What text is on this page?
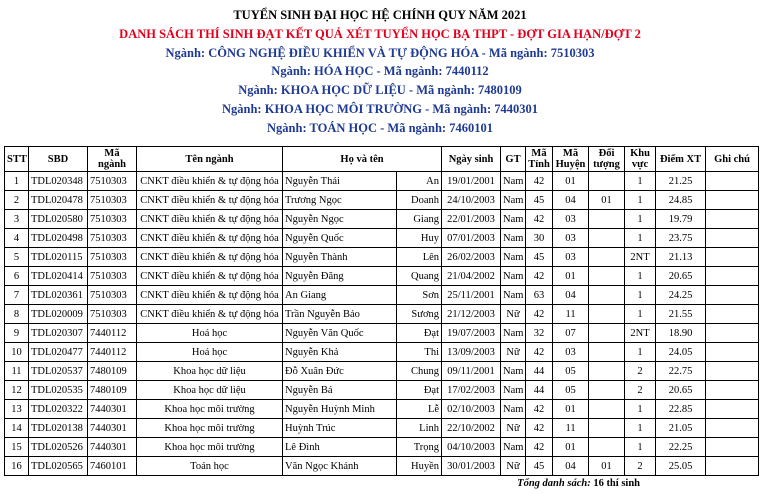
TUYỂN SINH ĐẠI HỌC HỆ CHÍNH QUY NĂM 2021
DANH SÁCH THÍ SINH ĐẠT KẾT QUẢ XÉT TUYỂN HỌC BẠ THPT - ĐỢT GIA HẠN/ĐỢT 2
Ngành: CÔNG NGHỆ ĐIỀU KHIỂN VÀ TỰ ĐỘNG HÓA - Mã ngành: 7510303
Ngành: HÓA HỌC - Mã ngành: 7440112
Ngành: KHOA HỌC DỮ LIỆU - Mã ngành: 7480109
Ngành: KHOA HỌC MÔI TRƯỜNG - Mã ngành: 7440301
Ngành: TOÁN HỌC - Mã ngành: 7460101
STT	SBD	Mã ngành	Tên ngành	Họ và tên		Ngày sinh	GT	Mã Tỉnh	Mã Huyện	Đối tượng	Khu vực	Điểm XT	Ghi chú
1	TDL020348	7510303	CNKT điều khiển & tự động hóa	Nguyễn Thái	An	19/01/2001	Nam	42	01		1	21.25	
2	TDL020478	7510303	CNKT điều khiển & tự động hóa	Trương Ngọc	Doanh	24/10/2003	Nam	45	04	01	1	24.85	
3	TDL020580	7510303	CNKT điều khiển & tự động hóa	Nguyễn Ngọc	Giang	22/01/2003	Nam	42	03		1	19.79	
4	TDL020498	7510303	CNKT điều khiển & tự động hóa	Nguyễn Quốc	Huy	07/01/2003	Nam	30	03		1	23.75	
5	TDL020115	7510303	CNKT điều khiển & tự động hóa	Nguyễn Thành	Lên	26/02/2003	Nam	45	03		2NT	21.13	
6	TDL020414	7510303	CNKT điều khiển & tự động hóa	Nguyễn Đăng	Quang	21/04/2002	Nam	42	01		1	20.65	
7	TDL020361	7510303	CNKT điều khiển & tự động hóa	An Giang	Sơn	25/11/2001	Nam	63	04		1	24.25	
8	TDL020009	7510303	CNKT điều khiển & tự động hóa	Trần Nguyễn Bảo	Sương	21/12/2003	Nữ	42	11		1	21.55	
9	TDL020307	7440112	Hoá học	Nguyễn Văn Quốc	Đạt	19/07/2003	Nam	32	07		2NT	18.90	
10	TDL020477	7440112	Hoá học	Nguyễn Khả	Thi	13/09/2003	Nữ	42	03		1	24.05	
11	TDL020537	7480109	Khoa học dữ liệu	Đỗ Xuân Đức	Chung	09/11/2001	Nam	44	05		2	22.75	
12	TDL020535	7480109	Khoa học dữ liệu	Nguyễn Bá	Đạt	17/02/2003	Nam	44	05		2	20.65	
13	TDL020322	7440301	Khoa học môi trường	Nguyễn Huỳnh Minh	Lễ	02/10/2003	Nam	42	01		1	22.85	
14	TDL020138	7440301	Khoa học môi trường	Huỳnh Trúc	Linh	22/10/2002	Nữ	42	11		1	21.05	
15	TDL020526	7440301	Khoa học môi trường	Lê Đình	Trọng	04/10/2003	Nam	42	01		1	22.25	
16	TDL020565	7460101	Toán học	Văn Ngọc Khánh	Huyền	30/01/2003	Nữ	45	04	01	2	25.05	
Tổng danh sách: 16 thí sinh
